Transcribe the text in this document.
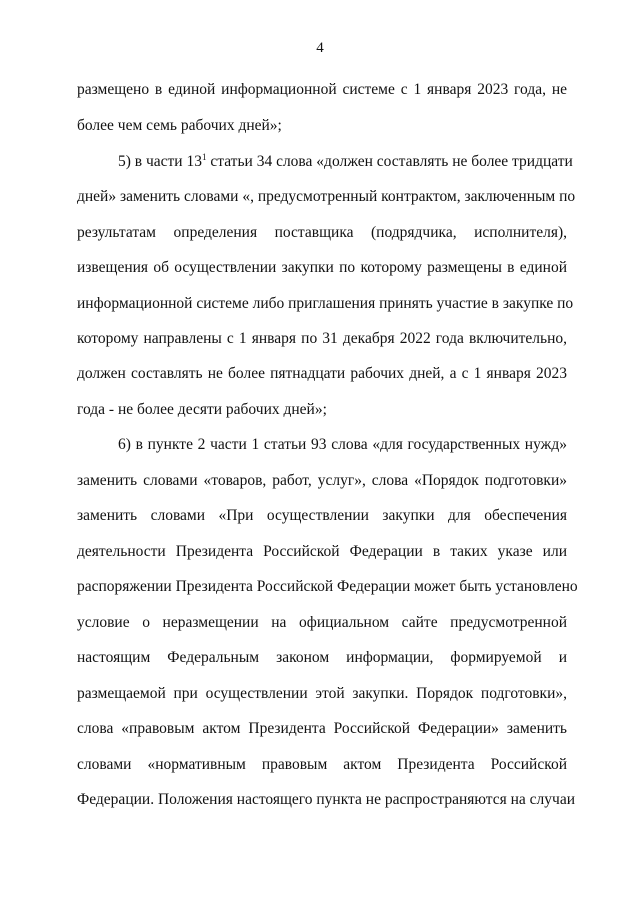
4
размещено в единой информационной системе с 1 января 2023 года, не
более чем семь рабочих дней»;
5) в части $13^1$ статьи 34 слова «должен составлять не более тридцати
дней» заменить словами «, предусмотренный контрактом, заключенным по
результатам определения поставщика (подрядчика, исполнителя),
извещения об осуществлении закупки по которому размещены в единой
информационной системе либо приглашения принять участие в закупке по
которому направлены с 1 января по 31 декабря 2022 года включительно,
должен составлять не более пятнадцати рабочих дней, а с 1 января 2023
года - не более десяти рабочих дней»;
6) в пункте 2 части 1 статьи 93 слова «для государственных нужд»
заменить словами «товаров, работ, услуг», слова «Порядок подготовки»
заменить словами «При осуществлении закупки для обеспечения
деятельности Президента Российской Федерации в таких указе или
распоряжении Президента Российской Федерации может быть установлено
условие о неразмещении на официальном сайте предусмотренной
настоящим Федеральным законом информации, формируемой и
размещаемой при осуществлении этой закупки. Порядок подготовки»,
слова «правовым актом Президента Российской Федерации» заменить
словами «нормативным правовым актом Президента Российской
Федерации. Положения настоящего пункта не распространяются на случаи
